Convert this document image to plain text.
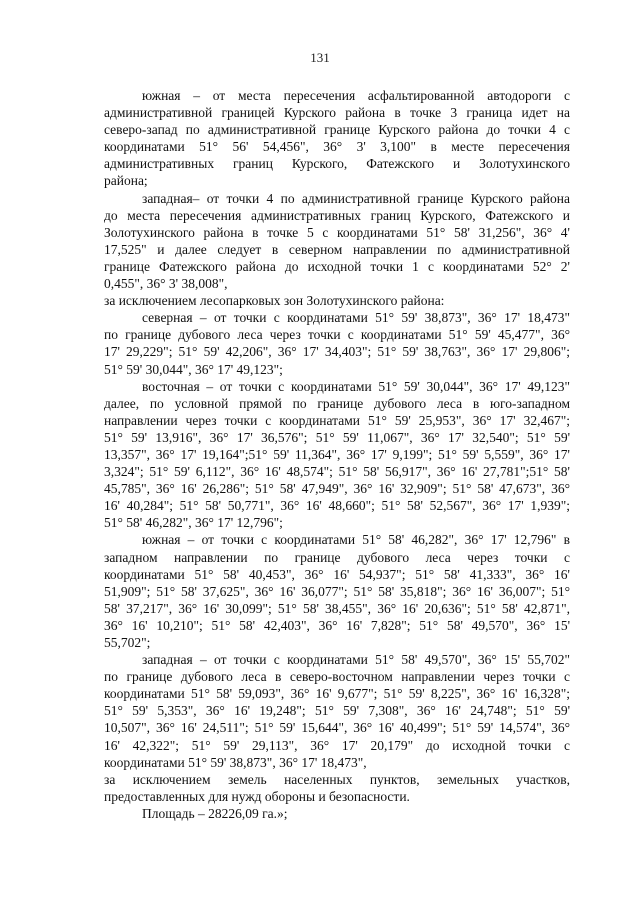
131
южная – от места пересечения асфальтированной автодороги с
административной границей Курского района в точке 3 граница идет на
северо-запад по административной границе Курского района до точки 4 с
координатами 51° 56' 54,456", 36° 3' 3,100" в месте пересечения
административных границ Курского, Фатежского и Золотухинского
района;
западная– от точки 4 по административной границе Курского района
до места пересечения административных границ Курского, Фатежского и
Золотухинского района в точке 5 с координатами 51° 58' 31,256", 36° 4'
17,525" и далее следует в северном направлении по административной
границе Фатежского района до исходной точки 1 с координатами 52° 2'
0,455", 36° 3' 38,008",
за исключением лесопарковых зон Золотухинского района:
северная – от точки с координатами 51° 59' 38,873", 36° 17' 18,473"
по границе дубового леса через точки с координатами 51° 59' 45,477", 36°
17' 29,229"; 51° 59' 42,206", 36° 17' 34,403"; 51° 59' 38,763", 36° 17' 29,806";
51° 59' 30,044", 36° 17' 49,123";
восточная – от точки с координатами 51° 59' 30,044", 36° 17' 49,123"
далее, по условной прямой по границе дубового леса в юго-западном
направлении через точки с координатами 51° 59' 25,953", 36° 17' 32,467";
51° 59' 13,916", 36° 17' 36,576"; 51° 59' 11,067", 36° 17' 32,540"; 51° 59'
13,357", 36° 17' 19,164";51° 59' 11,364", 36° 17' 9,199"; 51° 59' 5,559", 36° 17'
3,324"; 51° 59' 6,112", 36° 16' 48,574"; 51° 58' 56,917", 36° 16' 27,781";51° 58'
45,785", 36° 16' 26,286"; 51° 58' 47,949", 36° 16' 32,909"; 51° 58' 47,673", 36°
16' 40,284"; 51° 58' 50,771", 36° 16' 48,660"; 51° 58' 52,567", 36° 17' 1,939";
51° 58' 46,282", 36° 17' 12,796";
южная – от точки с координатами 51° 58' 46,282", 36° 17' 12,796" в
западном направлении по границе дубового леса через точки с
координатами 51° 58' 40,453", 36° 16' 54,937"; 51° 58' 41,333", 36° 16'
51,909"; 51° 58' 37,625", 36° 16' 36,077"; 51° 58' 35,818"; 36° 16' 36,007"; 51°
58' 37,217", 36° 16' 30,099"; 51° 58' 38,455", 36° 16' 20,636"; 51° 58' 42,871",
36° 16' 10,210"; 51° 58' 42,403", 36° 16' 7,828"; 51° 58' 49,570", 36° 15'
55,702";
западная – от точки с координатами 51° 58' 49,570", 36° 15' 55,702"
по границе дубового леса в северо-восточном направлении через точки с
координатами 51° 58' 59,093", 36° 16' 9,677"; 51° 59' 8,225", 36° 16' 16,328";
51° 59' 5,353", 36° 16' 19,248"; 51° 59' 7,308", 36° 16' 24,748"; 51° 59'
10,507", 36° 16' 24,511"; 51° 59' 15,644", 36° 16' 40,499"; 51° 59' 14,574", 36°
16' 42,322"; 51° 59' 29,113", 36° 17' 20,179" до исходной точки с
координатами 51° 59' 38,873", 36° 17' 18,473",
за исключением земель населенных пунктов, земельных участков,
предоставленных для нужд обороны и безопасности.
Площадь – 28226,09 га.»;
